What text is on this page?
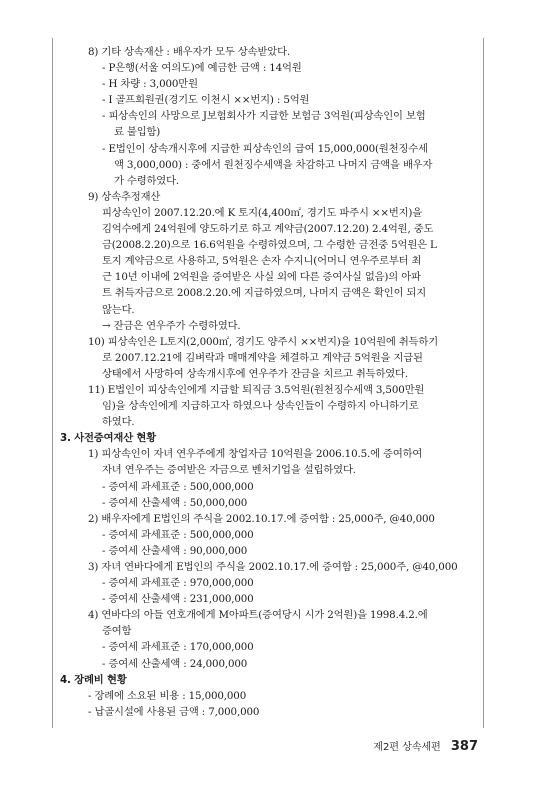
8) 기타 상속재산 : 배우자가 모두 상속받았다.
- P은행(서울 여의도)에 예금한 금액 : 14억원
- H 차량 : 3,000만원
- I 골프회원권(경기도 이천시 ××번지) : 5억원
- 피상속인의 사망으로 J보험회사가 지급한 보험금 3억원(피상속인이 보험
료 불입함)
- E법인이 상속개시후에 지급한 피상속인의 급여 15,000,000(원천징수세
액 3,000,000) : 중에서 원천징수세액을 차감하고 나머지 금액을 배우자
가 수령하였다.
9) 상속추정재산
피상속인이 2007.12.20.에 K 토지(4,400㎡, 경기도 파주시 ××번지)을
김억수에게 24억원에 양도하기로 하고 계약금(2007.12.20) 2.4억원, 중도
금(2008.2.20)으로 16.6억원을 수령하였으며, 그 수령한 금전중 5억원은 L
토지 계약금으로 사용하고, 5억원은 손자 수지니(어머니 연우주로부터 최
근 10년 이내에 2억원을 증여받은 사실 외에 다른 증여사실 없음)의 아파
트 취득자금으로 2008.2.20.에 지급하였으며, 나머지 금액은 확인이 되지
않는다.
→ 잔금은 연우주가 수령하였다.
10) 피상속인은 L토지(2,000㎡, 경기도 양주시 ××번지)을 10억원에 취득하기
로 2007.12.21에 김벼락과 매매계약을 체결하고 계약금 5억원을 지급된
상태에서 사망하여 상속개시후에 연우주가 잔금을 치르고 취득하였다.
11) E법인이 피상속인에게 지급할 퇴직금 3.5억원(원천징수세액 3,500만원
임)을 상속인에게 지급하고자 하였으나 상속인들이 수령하지 아니하기로
하였다.
3. 사전증여재산 현황
1) 피상속인이 자녀 연우주에게 창업자금 10억원을 2006.10.5.에 증여하여
자녀 연우주는 증여받은 자금으로 벤처기업을 설립하였다.
- 증여세 과세표준 : 500,000,000
- 증여세 산출세액 : 50,000,000
2) 배우자에게 E법인의 주식을 2002.10.17.에 증여함 : 25,000주, @40,000
- 증여세 과세표준 : 500,000,000
- 증여세 산출세액 : 90,000,000
3) 자녀 연바다에게 E법인의 주식을 2002.10.17.에 증여함 : 25,000주, @40,000
- 증여세 과세표준 : 970,000,000
- 증여세 산출세액 : 231,000,000
4) 연바다의 아들 연호개에게 M아파트(증여당시 시가 2억원)을 1998.4.2.에
증여함
- 증여세 과세표준 : 170,000,000
- 증여세 산출세액 : 24,000,000
4. 장례비 현황
- 장례에 소요된 비용 : 15,000,000
- 납골시설에 사용된 금액 : 7,000,000
제2편 상속세편 387
